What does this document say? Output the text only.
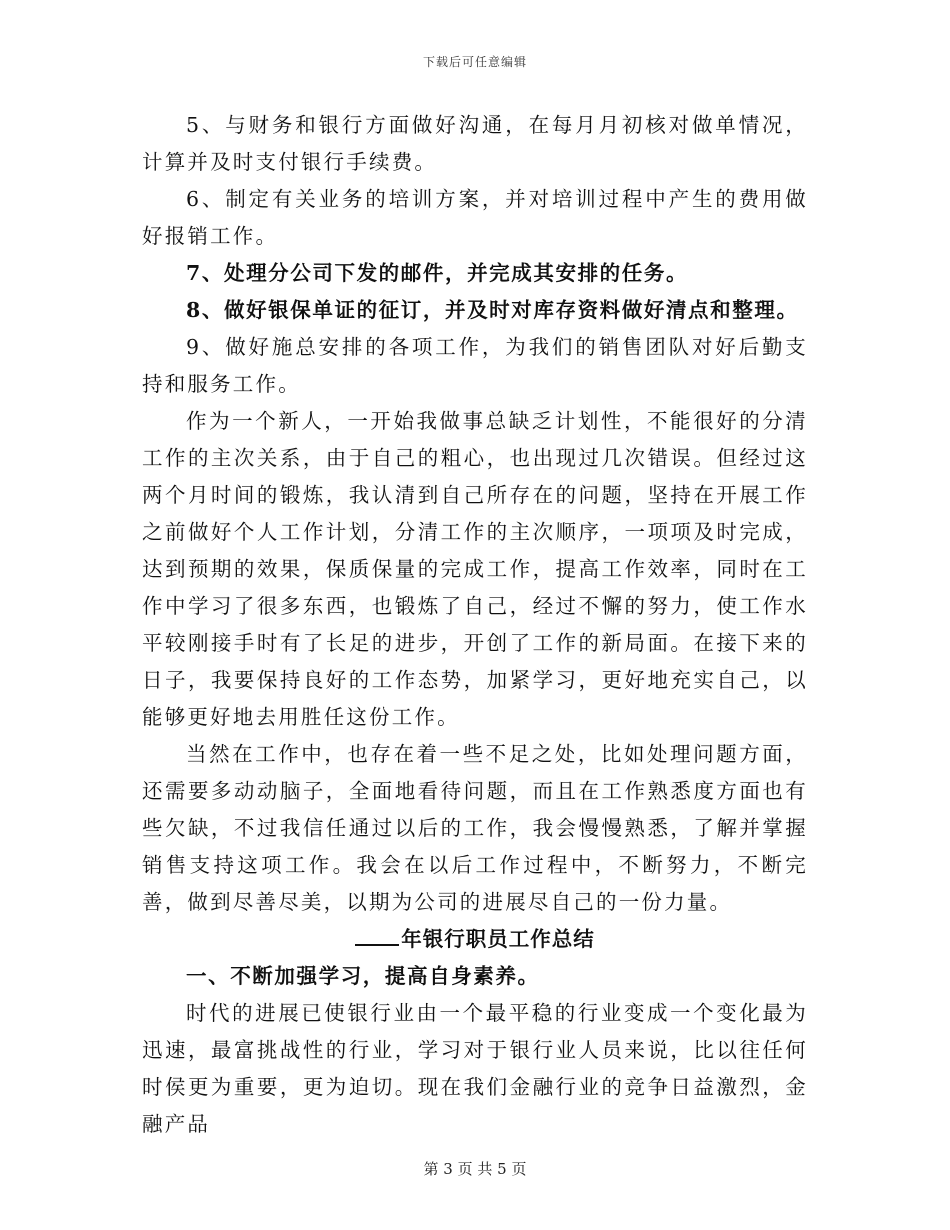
下载后可任意编辑

5、与财务和银行方面做好沟通，在每月月初核对做单情况，计算并及时支付银行手续费。

6、制定有关业务的培训方案，并对培训过程中产生的费用做好报销工作。

7、处理分公司下发的邮件，并完成其安排的任务。

8、做好银保单证的征订，并及时对库存资料做好清点和整理。

9、做好施总安排的各项工作，为我们的销售团队对好后勤支持和服务工作。

作为一个新人，一开始我做事总缺乏计划性，不能很好的分清工作的主次关系，由于自己的粗心，也出现过几次错误。但经过这两个月时间的锻炼，我认清到自己所存在的问题，坚持在开展工作之前做好个人工作计划，分清工作的主次顺序，一项项及时完成，达到预期的效果，保质保量的完成工作，提高工作效率，同时在工作中学习了很多东西，也锻炼了自己，经过不懈的努力，使工作水平较刚接手时有了长足的进步，开创了工作的新局面。在接下来的日子，我要保持良好的工作态势，加紧学习，更好地充实自己，以能够更好地去用胜任这份工作。

当然在工作中，也存在着一些不足之处，比如处理问题方面，还需要多动动脑子，全面地看待问题，而且在工作熟悉度方面也有些欠缺，不过我信任通过以后的工作，我会慢慢熟悉，了解并掌握销售支持这项工作。我会在以后工作过程中，不断努力，不断完善，做到尽善尽美，以期为公司的进展尽自己的一份力量。

年银行职员工作总结

一、不断加强学习，提高自身素养。

时代的进展已使银行业由一个最平稳的行业变成一个变化最为迅速，最富挑战性的行业，学习对于银行业人员来说，比以往任何时侯更为重要，更为迫切。现在我们金融行业的竞争日益激烈，金融产品

第 3 页 共 5 页
